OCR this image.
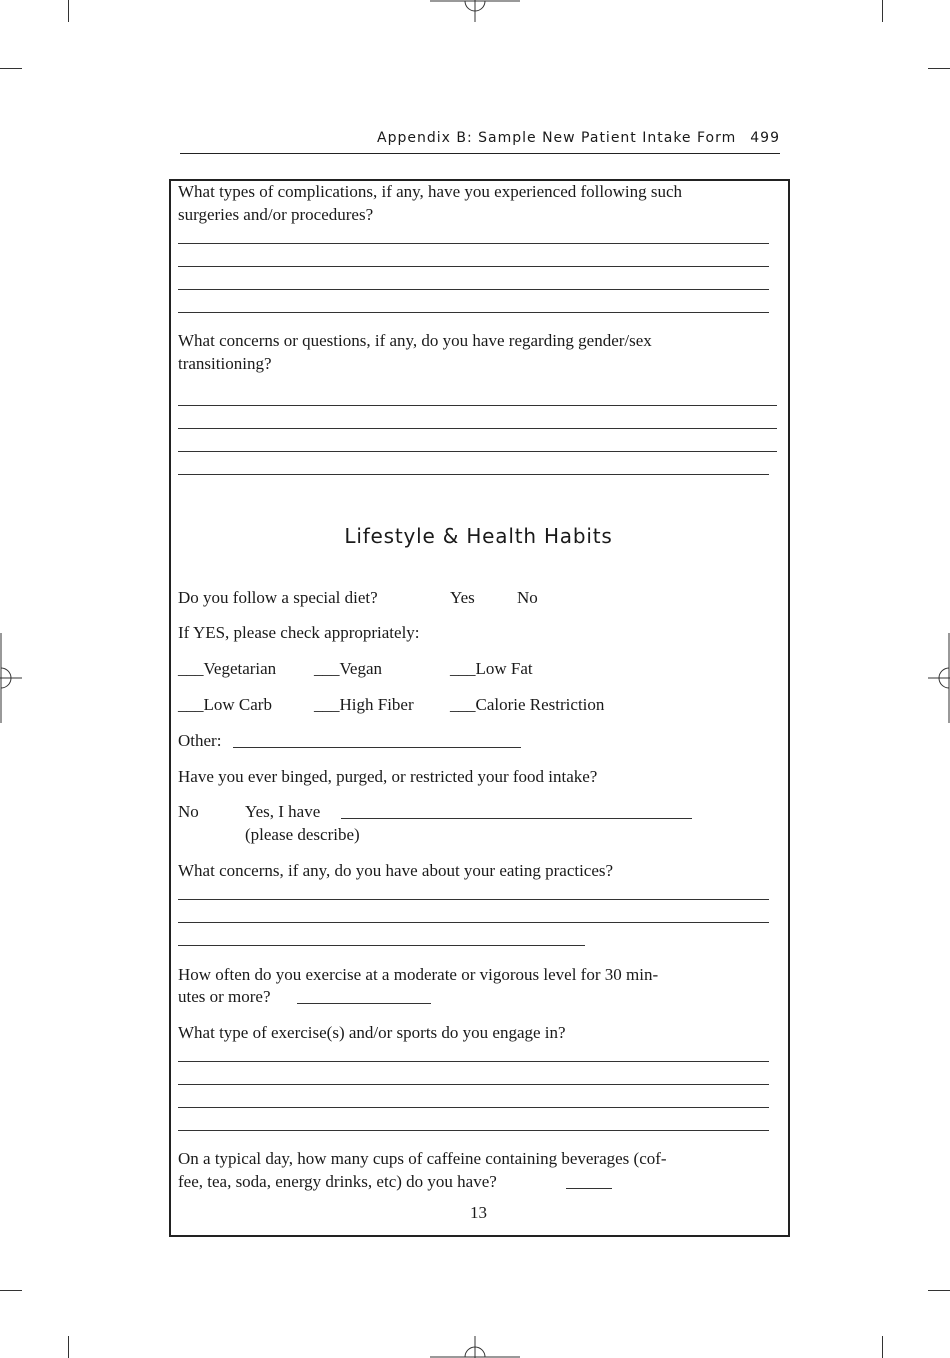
Appendix B: Sample New Patient Intake Form 499
What types of complications, if any, have you experienced following such
surgeries and/or procedures?
What concerns or questions, if any, do you have regarding gender/sex
transitioning?
Lifestyle & Health Habits
Do you follow a special diet?	Yes No
If YES, please check appropriately:
___Vegetarian ___Vegan	___Low Fat
___Low Carb ___High Fiber ___Calorie Restriction
Other:
Have you ever binged, purged, or restricted your food intake?
No	Yes, I have
(please describe)
What concerns, if any, do you have about your eating practices?
How often do you exercise at a moderate or vigorous level for 30 min-
utes or more?
What type of exercise(s) and/or sports do you engage in?
On a typical day, how many cups of caffeine containing beverages (cof-
fee, tea, soda, energy drinks, etc) do you have?
13
